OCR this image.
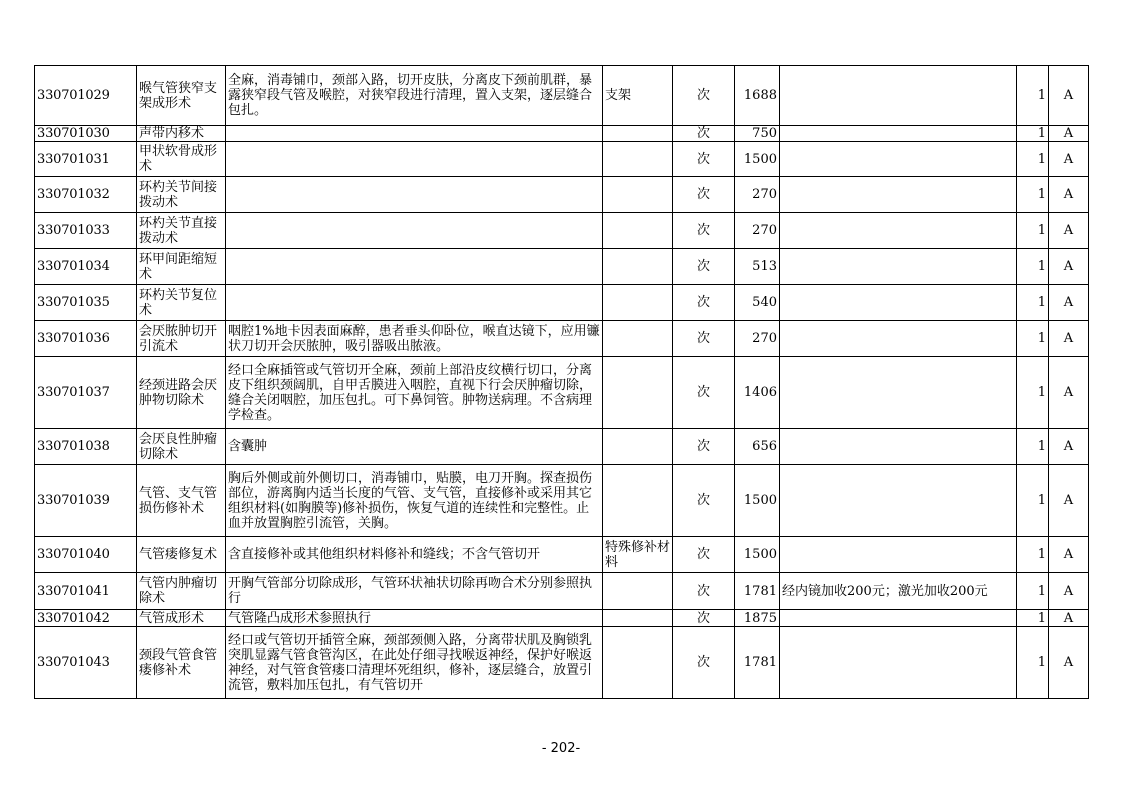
330701029	喉气管狭窄支架成形术	全麻，消毒铺巾，颈部入路，切开皮肤，分离皮下颈前肌群，暴露狭窄段气管及喉腔，对狭窄段进行清理，置入支架，逐层缝合包扎。	支架	次	1688		1	A
330701030	声带内移术			次	750		1	A
330701031	甲状软骨成形术			次	1500		1	A
330701032	环杓关节间接拨动术			次	270		1	A
330701033	环杓关节直接拨动术			次	270		1	A
330701034	环甲间距缩短术			次	513		1	A
330701035	环杓关节复位术			次	540		1	A
330701036	会厌脓肿切开引流术	咽腔1%地卡因表面麻醉，患者垂头仰卧位，喉直达镜下，应用镰状刀切开会厌脓肿，吸引器吸出脓液。		次	270		1	A
330701037	经颈进路会厌肿物切除术	经口全麻插管或气管切开全麻，颈前上部沿皮纹横行切口，分离皮下组织颈阔肌，自甲舌膜进入咽腔，直视下行会厌肿瘤切除，缝合关闭咽腔，加压包扎。可下鼻饲管。肿物送病理。不含病理学检查。		次	1406		1	A
330701038	会厌良性肿瘤切除术	含囊肿		次	656		1	A
330701039	气管、支气管损伤修补术	胸后外侧或前外侧切口，消毒铺巾，贴膜，电刀开胸。探查损伤部位，游离胸内适当长度的气管、支气管，直接修补或采用其它组织材料(如胸膜等)修补损伤，恢复气道的连续性和完整性。止血并放置胸腔引流管，关胸。		次	1500		1	A
330701040	气管瘘修复术	含直接修补或其他组织材料修补和缝线；不含气管切开	特殊修补材料	次	1500		1	A
330701041	气管内肿瘤切除术	开胸气管部分切除成形，气管环状袖状切除再吻合术分别参照执行		次	1781	经内镜加收200元；激光加收200元	1	A
330701042	气管成形术	气管隆凸成形术参照执行		次	1875		1	A
330701043	颈段气管食管瘘修补术	经口或气管切开插管全麻，颈部颈侧入路，分离带状肌及胸锁乳突肌显露气管食管沟区，在此处仔细寻找喉返神经，保护好喉返神经，对气管食管瘘口清理坏死组织，修补，逐层缝合，放置引流管，敷料加压包扎，有气管切开		次	1781		1	A
- 202-
